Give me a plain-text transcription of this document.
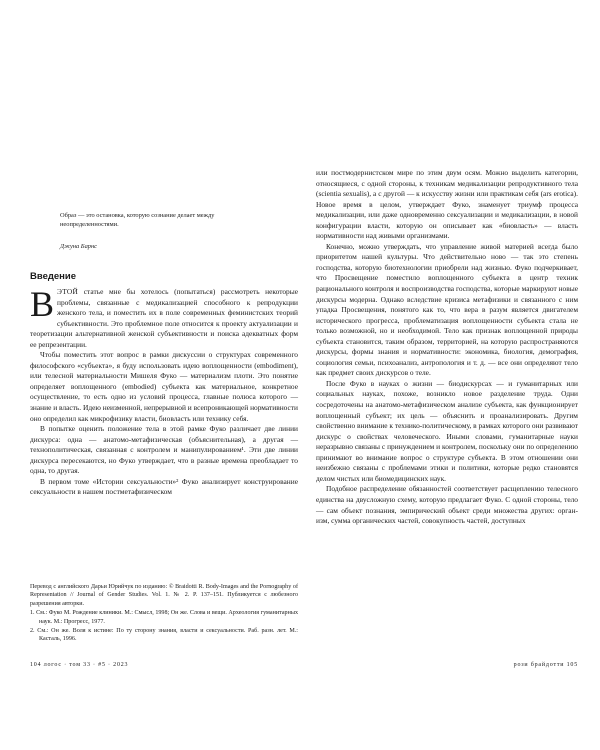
Образ — это остановка, которую сознание делает между неопределенностями.
Джуна Барнс
Введение

ВЭТОЙ статье мне бы хотелось (попытаться) рассмотреть некоторые проблемы, связанные с медикализацией способного к репродукции женского тела, и поместить их в поле современных феминистских теорий субъективности. Это проблемное поле относится к проекту актуализации и теоретизации альтернативной женской субъективности и поиска адекватных форм ее репрезентации.

Чтобы поместить этот вопрос в рамки дискуссии о структурах современного философского «субъекта», я буду использовать идею воплощенности (embodiment), или телесной материальности Мишеля Фуко — материализм плоти. Это понятие определяет воплощенного (embodied) субъекта как материальное, конкретное осуществление, то есть одно из условий процесса, главные полюса которого — знание и власть. Идею неизменной, непрерывной и всепроникающей нормативности оно определил как микрофизику власти, биовласть или технику себя.

В попытке оценить положение тела в этой рамке Фуко различает две линии дискурса: одна — анатомо-метафизическая (объяснительная), а другая — технополитическая, связанная с контролем и манипулированием¹. Эти две линии дискурса пересекаются, но Фуко утверждает, что в разные времена преобладает то одна, то другая.

В первом томе «Истории сексуальности»² Фуко анализирует конструирование сексуальности в нашем постметафизическом

Перевод с английского Дарьи Юрийчук по изданию: © Braidotti R. Body-Images and the Pornography of Representation // Journal of Gender Studies. Vol. 1. № 2. P. 137–151. Публикуется с любезного разрешения авторки.

1. См.: Фуко М. Рождение клиники. М.: Смысл, 1998; Он же. Слова и вещи. Археология гуманитарных наук. М.: Прогресс, 1977.

2. См.: Он же. Воля к истине: По ту сторону знания, власти и сексуальности. Раб. разн. лет. М.: Касталь, 1996.

104 логос · том 33 · #5 · 2023

или постмодернистском мире по этим двум осям. Можно выделить категории, относящиеся, с одной стороны, к техникам медикализации репродуктивного тела (scientia sexualis), а с другой — к искусству жизни или практикам себя (ars erotica). Новое время в целом, утверждает Фуко, знаменует триумф процесса медикализации, или даже одновременно сексуализации и медикализации, в новой конфигурации власти, которую он описывает как «биовласть» — власть нормативности над живыми организмами.

Конечно, можно утверждать, что управление живой материей всегда было приоритетом нашей культуры. Что действительно ново — так это степень господства, которую биотехнологии приобрели над жизнью. Фуко подчеркивает, что Просвещение поместило воплощенного субъекта в центр техник рационального контроля и воспроизводства господства, которые маркируют новые дискурсы модерна. Однако вследствие кризиса метафизики и связанного с ним упадка Просвещения, понятого как то, что вера в разум является двигателем исторического прогресса, проблематизация воплощенности субъекта стала не только возможной, но и необходимой. Тело как признак воплощенной природы субъекта становится, таким образом, территорией, на которую распространяются дискурсы, формы знания и нормативности: экономика, биология, демография, социология семьи, психоанализ, антропология и т. д. — все они определяют тело как предмет своих дискурсов о теле.

После Фуко в науках о жизни — биодискурсах — и гуманитарных или социальных науках, похоже, возникло новое разделение труда. Одни сосредоточены на анатомо-метафизическом анализе субъекта, как функционирует воплощенный субъект; их цель — объяснить и проанализировать. Другим свойственно внимание к технико-политическому, в рамках которого они развивают дискурс о свойствах человеческого. Иными словами, гуманитарные науки неразрывно связаны с принуждением и контролем, поскольку они по определению принимают во внимание вопрос о структуре субъекта. В этом отношении они неизбежно связаны с проблемами этики и политики, которые редко становятся делом чистых или биомедицинских наук.

Подобное распределение обязанностей соответствует расщеплению телесного единства на двусложную схему, которую предлагает Фуко. С одной стороны, тело — сам объект познания, эмпирический объект среди множества других: орган-изм, сумма органических частей, совокупность частей, доступных

рози брайдотти 105
